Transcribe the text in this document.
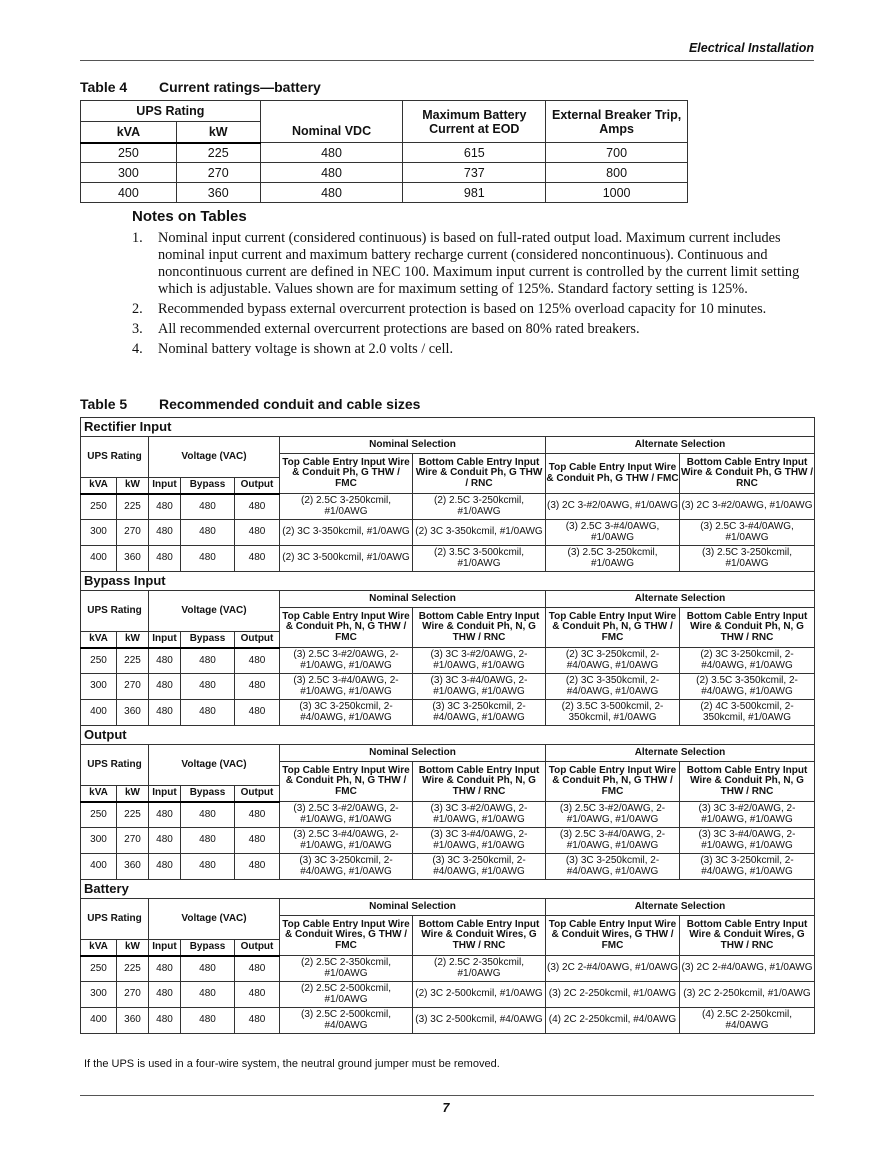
Electrical Installation
Table 4 Current ratings—battery
UPS Rating		Nominal VDC	Maximum Battery Current at EOD	External Breaker Trip, Amps
kVA	kW			
250	225	480	615	700
300	270	480	737	800
400	360	480	981	1000
Notes on Tables
1. Nominal input current (considered continuous) is based on full-rated output load. Maximum current includes nominal input current and maximum battery recharge current (considered noncontinuous). Continuous and noncontinuous current are defined in NEC 100. Maximum input current is controlled by the current limit setting which is adjustable. Values shown are for maximum setting of 125%. Standard factory setting is 125%.
2. Recommended bypass external overcurrent protection is based on 125% overload capacity for 10 minutes.
3. All recommended external overcurrent protections are based on 80% rated breakers.
4. Nominal battery voltage is shown at 2.0 volts / cell.
Table 5 Recommended conduit and cable sizes
Rectifier Input								
UPS Rating		Voltage (VAC)			Nominal Selection		Alternate Selection	
					Top Cable Entry Input Wire & Conduit Ph, G THW / FMC	Bottom Cable Entry Input Wire & Conduit Ph, G THW / RNC	Top Cable Entry Input Wire & Conduit Ph, G THW / FMC	Bottom Cable Entry Input Wire & Conduit Ph, G THW / RNC
kVA	kW	Input	Bypass	Output				
250	225	480	480	480	(2) 2.5C 3-250kcmil, #1/0AWG	(2) 2.5C 3-250kcmil, #1/0AWG	(3) 2C 3-#2/0AWG, #1/0AWG	(3) 2C 3-#2/0AWG, #1/0AWG
300	270	480	480	480	(2) 3C 3-350kcmil, #1/0AWG	(2) 3C 3-350kcmil, #1/0AWG	(3) 2.5C 3-#4/0AWG, #1/0AWG	(3) 2.5C 3-#4/0AWG, #1/0AWG
400	360	480	480	480	(2) 3C 3-500kcmil, #1/0AWG	(2) 3.5C 3-500kcmil, #1/0AWG	(3) 2.5C 3-250kcmil, #1/0AWG	(3) 2.5C 3-250kcmil, #1/0AWG
Bypass Input								
UPS Rating		Voltage (VAC)			Nominal Selection		Alternate Selection	
					Top Cable Entry Input Wire & Conduit Ph, N, G THW / FMC	Bottom Cable Entry Input Wire & Conduit Ph, N, G THW / RNC	Top Cable Entry Input Wire & Conduit Ph, N, G THW / FMC	Bottom Cable Entry Input Wire & Conduit Ph, N, G THW / RNC
kVA	kW	Input	Bypass	Output				
250	225	480	480	480	(3) 2.5C 3-#2/0AWG, 2-#1/0AWG, #1/0AWG	(3) 3C 3-#2/0AWG, 2-#1/0AWG, #1/0AWG	(2) 3C 3-250kcmil, 2-#4/0AWG, #1/0AWG	(2) 3C 3-250kcmil, 2-#4/0AWG, #1/0AWG
300	270	480	480	480	(3) 2.5C 3-#4/0AWG, 2-#1/0AWG, #1/0AWG	(3) 3C 3-#4/0AWG, 2-#1/0AWG, #1/0AWG	(2) 3C 3-350kcmil, 2-#4/0AWG, #1/0AWG	(2) 3.5C 3-350kcmil, 2-#4/0AWG, #1/0AWG
400	360	480	480	480	(3) 3C 3-250kcmil, 2-#4/0AWG, #1/0AWG	(3) 3C 3-250kcmil, 2-#4/0AWG, #1/0AWG	(2) 3.5C 3-500kcmil, 2-350kcmil, #1/0AWG	(2) 4C 3-500kcmil, 2-350kcmil, #1/0AWG
Output								
UPS Rating		Voltage (VAC)			Nominal Selection		Alternate Selection	
					Top Cable Entry Input Wire & Conduit Ph, N, G THW / FMC	Bottom Cable Entry Input Wire & Conduit Ph, N, G THW / RNC	Top Cable Entry Input Wire & Conduit Ph, N, G THW / FMC	Bottom Cable Entry Input Wire & Conduit Ph, N, G THW / RNC
kVA	kW	Input	Bypass	Output				
250	225	480	480	480	(3) 2.5C 3-#2/0AWG, 2-#1/0AWG, #1/0AWG	(3) 3C 3-#2/0AWG, 2-#1/0AWG, #1/0AWG	(3) 2.5C 3-#2/0AWG, 2-#1/0AWG, #1/0AWG	(3) 3C 3-#2/0AWG, 2-#1/0AWG, #1/0AWG
300	270	480	480	480	(3) 2.5C 3-#4/0AWG, 2-#1/0AWG, #1/0AWG	(3) 3C 3-#4/0AWG, 2-#1/0AWG, #1/0AWG	(3) 2.5C 3-#4/0AWG, 2-#1/0AWG, #1/0AWG	(3) 3C 3-#4/0AWG, 2-#1/0AWG, #1/0AWG
400	360	480	480	480	(3) 3C 3-250kcmil, 2-#4/0AWG, #1/0AWG	(3) 3C 3-250kcmil, 2-#4/0AWG, #1/0AWG	(3) 3C 3-250kcmil, 2-#4/0AWG, #1/0AWG	(3) 3C 3-250kcmil, 2-#4/0AWG, #1/0AWG
Battery								
UPS Rating		Voltage (VAC)			Nominal Selection		Alternate Selection	
					Top Cable Entry Input Wire & Conduit Wires, G THW / FMC	Bottom Cable Entry Input Wire & Conduit Wires, G THW / RNC	Top Cable Entry Input Wire & Conduit Wires, G THW / FMC	Bottom Cable Entry Input Wire & Conduit Wires, G THW / RNC
kVA	kW	Input	Bypass	Output				
250	225	480	480	480	(2) 2.5C 2-350kcmil, #1/0AWG	(2) 2.5C 2-350kcmil, #1/0AWG	(3) 2C 2-#4/0AWG, #1/0AWG	(3) 2C 2-#4/0AWG, #1/0AWG
300	270	480	480	480	(2) 2.5C 2-500kcmil, #1/0AWG	(2) 3C 2-500kcmil, #1/0AWG	(3) 2C 2-250kcmil, #1/0AWG	(3) 2C 2-250kcmil, #1/0AWG
400	360	480	480	480	(3) 2.5C 2-500kcmil, #4/0AWG	(3) 3C 2-500kcmil, #4/0AWG	(4) 2C 2-250kcmil, #4/0AWG	(4) 2.5C 2-250kcmil, #4/0AWG
If the UPS is used in a four-wire system, the neutral ground jumper must be removed.
7
